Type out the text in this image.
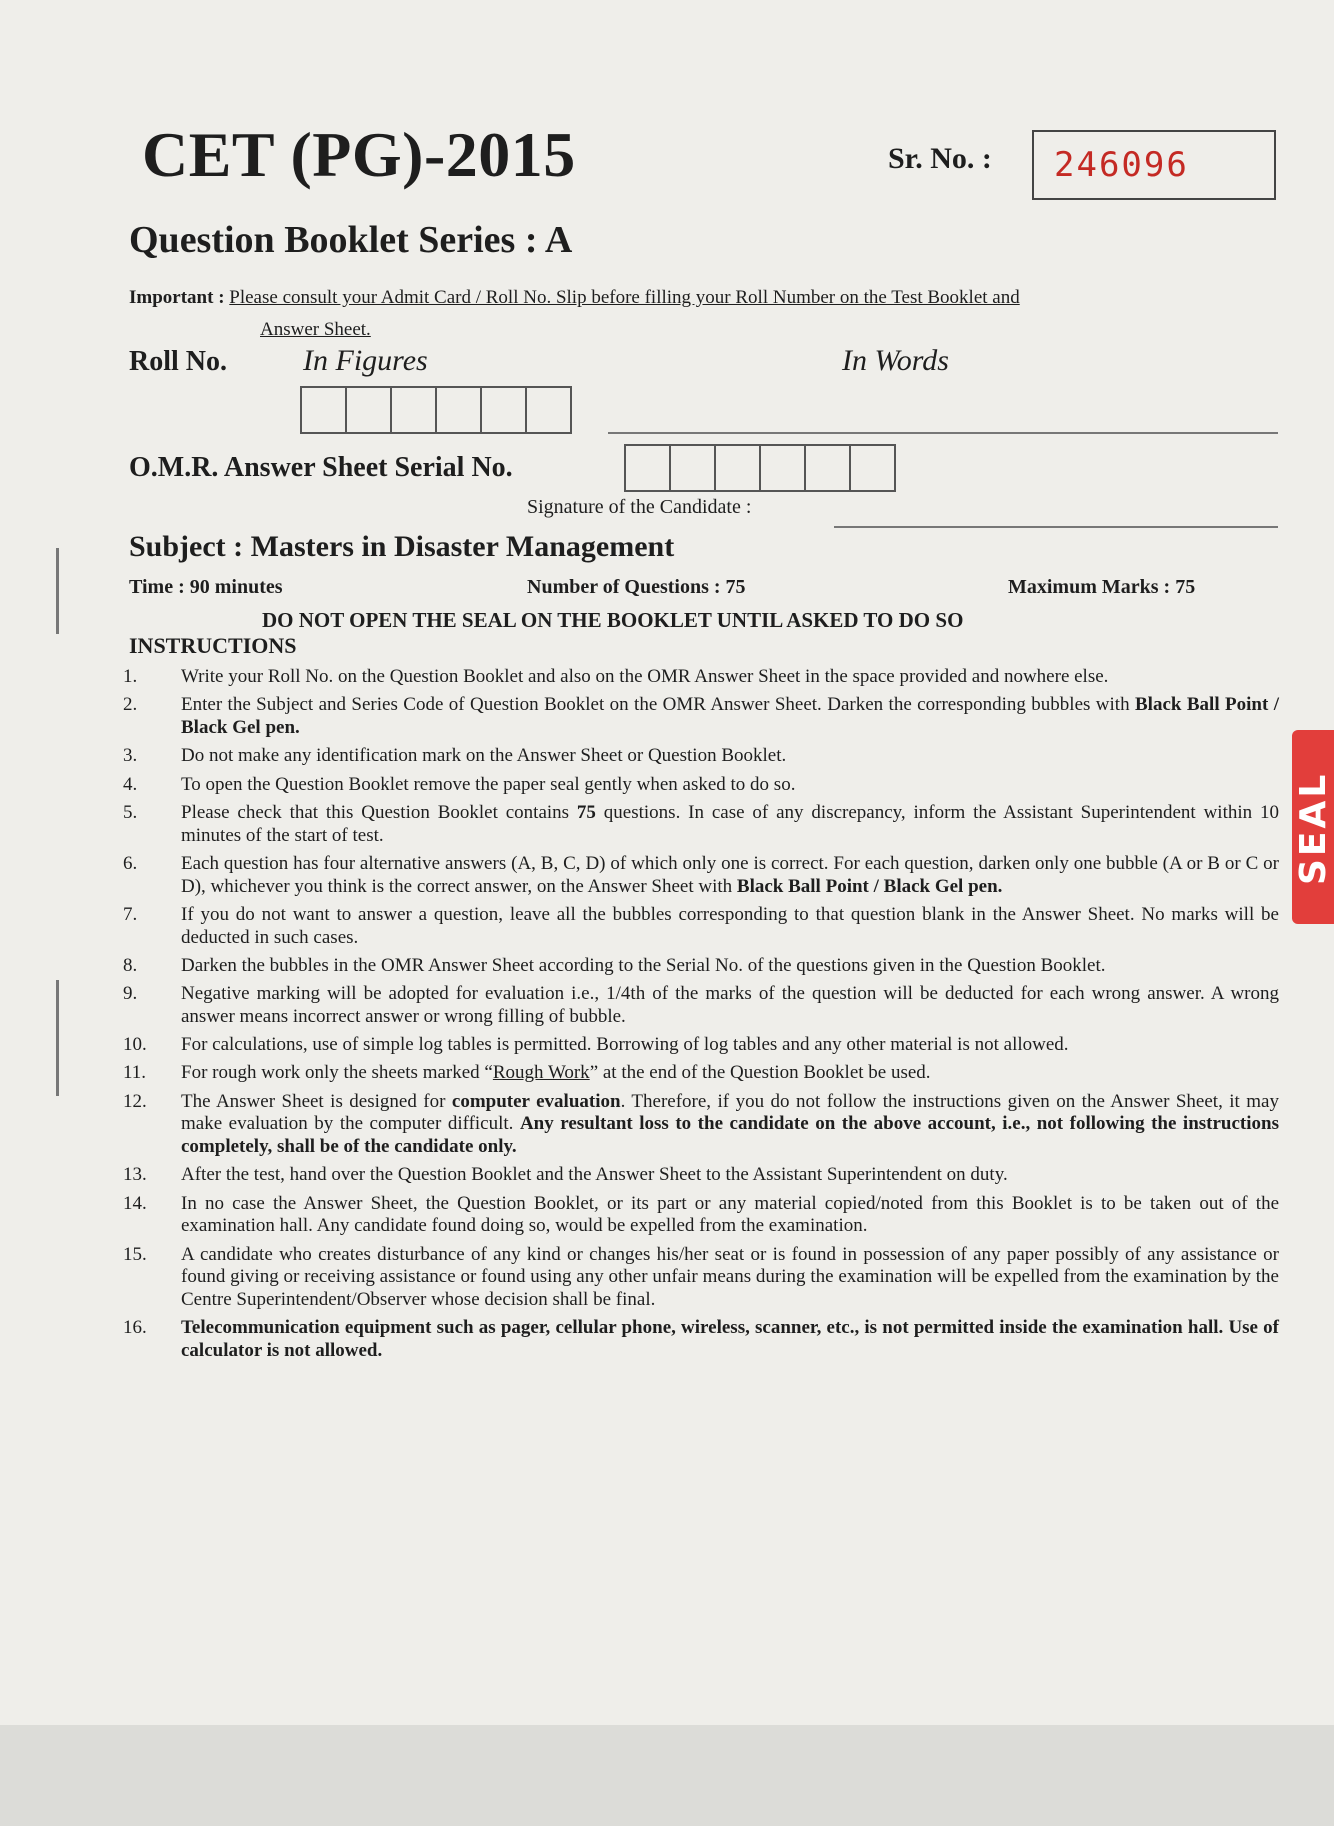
CET (PG)-2015	Sr. No. :	246096
Question Booklet Series : A
Important : Please consult your Admit Card / Roll No. Slip before filling your Roll Number on the Test Booklet and
Answer Sheet.
Roll No.	In Figures	In Words
O.M.R. Answer Sheet Serial No.
Signature of the Candidate :
Subject : Masters in Disaster Management
Time : 90 minutes	Number of Questions : 75	Maximum Marks : 75
DO NOT OPEN THE SEAL ON THE BOOKLET UNTIL ASKED TO DO SO
INSTRUCTIONS
1.	Write your Roll No. on the Question Booklet and also on the OMR Answer Sheet in the space provided and nowhere else.
2.	Enter the Subject and Series Code of Question Booklet on the OMR Answer Sheet. Darken the corresponding bubbles with Black Ball Point / Black Gel pen.
3.	Do not make any identification mark on the Answer Sheet or Question Booklet.
4.	To open the Question Booklet remove the paper seal gently when asked to do so.
5.	Please check that this Question Booklet contains 75 questions. In case of any discrepancy, inform the Assistant Superintendent within 10 minutes of the start of test.
6.	Each question has four alternative answers (A, B, C, D) of which only one is correct. For each question, darken only one bubble (A or B or C or D), whichever you think is the correct answer, on the Answer Sheet with Black Ball Point / Black Gel pen.
7.	If you do not want to answer a question, leave all the bubbles corresponding to that question blank in the Answer Sheet. No marks will be deducted in such cases.
8.	Darken the bubbles in the OMR Answer Sheet according to the Serial No. of the questions given in the Question Booklet.
9.	Negative marking will be adopted for evaluation i.e., 1/4th of the marks of the question will be deducted for each wrong answer. A wrong answer means incorrect answer or wrong filling of bubble.
10.	For calculations, use of simple log tables is permitted. Borrowing of log tables and any other material is not allowed.
11.	For rough work only the sheets marked “Rough Work” at the end of the Question Booklet be used.
12.	The Answer Sheet is designed for computer evaluation. Therefore, if you do not follow the instructions given on the Answer Sheet, it may make evaluation by the computer difficult. Any resultant loss to the candidate on the above account, i.e., not following the instructions completely, shall be of the candidate only.
13.	After the test, hand over the Question Booklet and the Answer Sheet to the Assistant Superintendent on duty.
14.	In no case the Answer Sheet, the Question Booklet, or its part or any material copied/noted from this Booklet is to be taken out of the examination hall. Any candidate found doing so, would be expelled from the examination.
15.	A candidate who creates disturbance of any kind or changes his/her seat or is found in possession of any paper possibly of any assistance or found giving or receiving assistance or found using any other unfair means during the examination will be expelled from the examination by the Centre Superintendent/Observer whose decision shall be final.
16.	Telecommunication equipment such as pager, cellular phone, wireless, scanner, etc., is not permitted inside the examination hall. Use of calculator is not allowed.
SEAL
